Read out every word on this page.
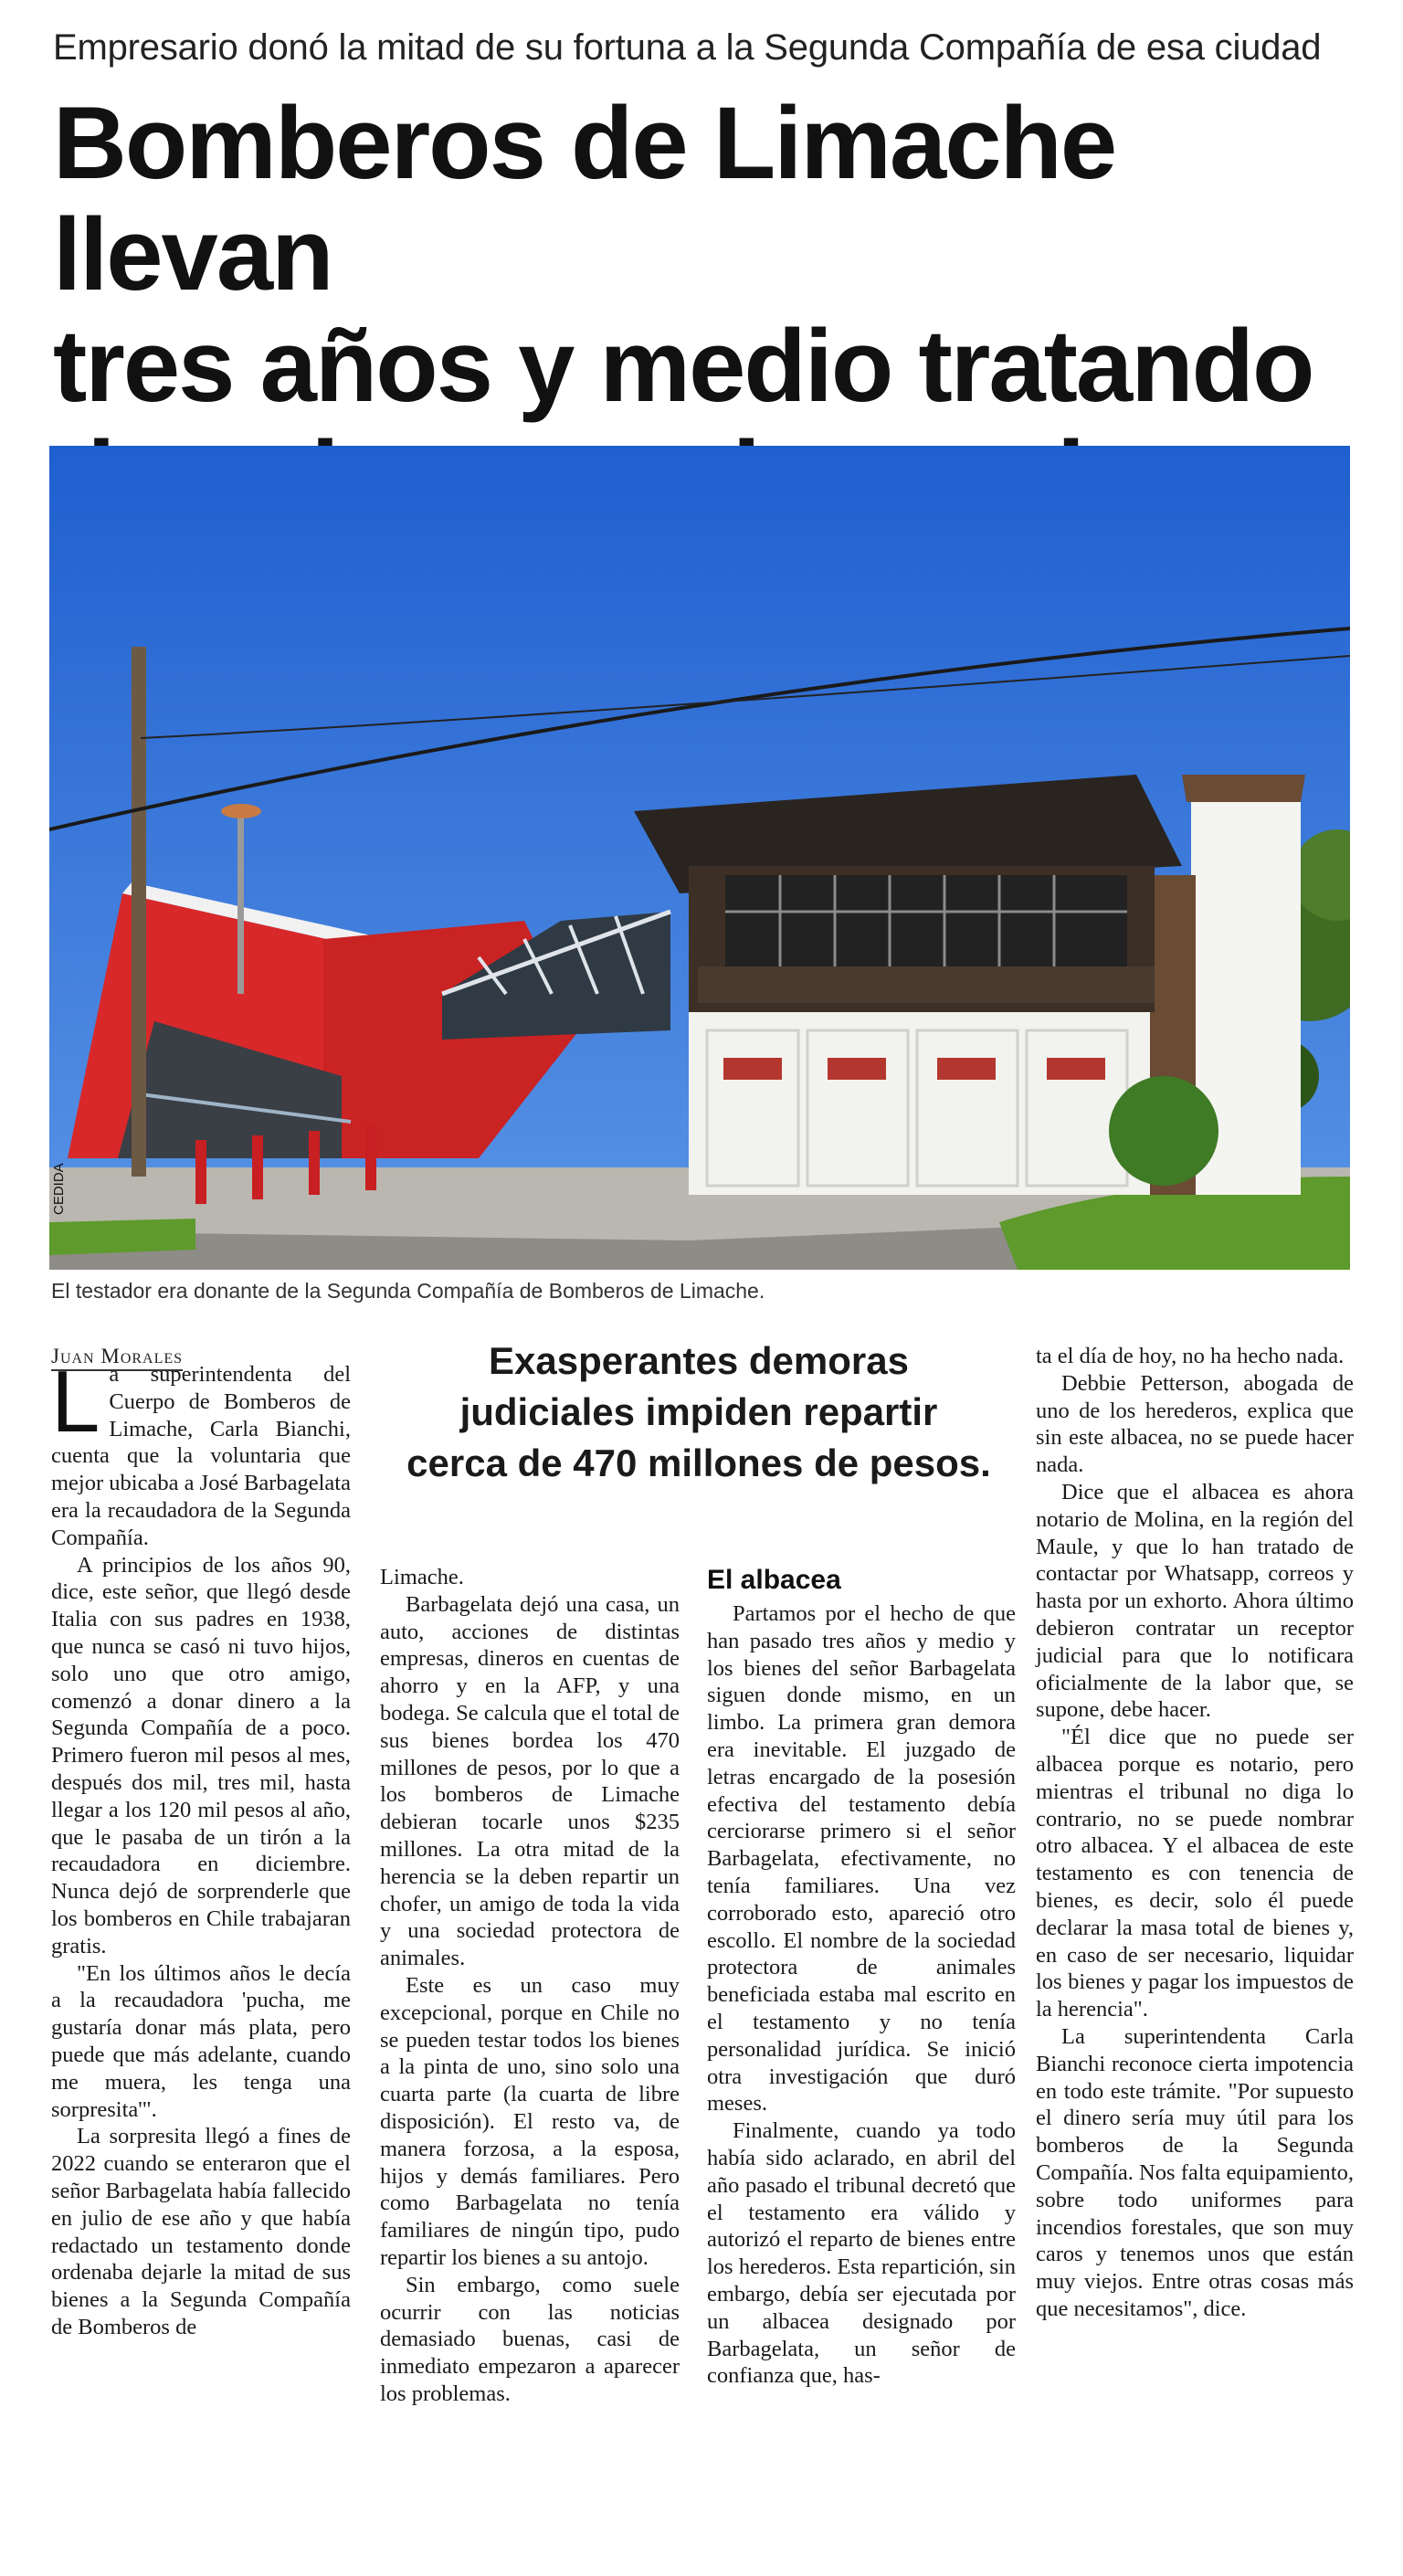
Empresario donó la mitad de su fortuna a la Segunda Compañía de esa ciudad
Bomberos de Limache llevan
tres años y medio tratando

CEDIDA
El testador era donante de la Segunda Compañía de Bomberos de Limache.
Juan Morales	Exasperantes demoras
judiciales impiden repartir
cerca de 470 millones de pesos.

La superintendenta del Cuerpo de Bomberos de Limache, Carla Bianchi, cuenta que la voluntaria que mejor ubicaba a José Barbagelata era la recaudadora de la Segunda Compañía.

A principios de los años 90, dice, este señor, que llegó desde Italia con sus padres en 1938, que nunca se casó ni tuvo hijos, solo uno que otro amigo, comenzó a donar dinero a la Segunda Compañía de a poco. Primero fueron mil pesos al mes, después dos mil, tres mil, hasta llegar a los 120 mil pesos al año, que le pasaba de un tirón a la recaudadora en diciembre. Nunca dejó de sorprenderle que los bomberos en Chile trabajaran gratis.

"En los últimos años le decía a la recaudadora 'pucha, me gustaría donar más plata, pero puede que más adelante, cuando me muera, les tenga una sorpresita'".

La sorpresita llegó a fines de 2022 cuando se enteraron que el señor Barbagelata había fallecido en julio de ese año y que había redactado un testamento donde ordenaba dejarle la mitad de sus bienes a la Segunda Compañía de Bomberos de

Limache.

Barbagelata dejó una casa, un auto, acciones de distintas empresas, dineros en cuentas de ahorro y en la AFP, y una bodega. Se calcula que el total de sus bienes bordea los 470 millones de pesos, por lo que a los bomberos de Limache debieran tocarle unos $235 millones. La otra mitad de la herencia se la deben repartir un chofer, un amigo de toda la vida y una sociedad protectora de animales.

Este es un caso muy excepcional, porque en Chile no se pueden testar todos los bienes a la pinta de uno, sino solo una cuarta parte (la cuarta de libre disposición). El resto va, de manera forzosa, a la esposa, hijos y demás familiares. Pero como Barbagelata no tenía familiares de ningún tipo, pudo repartir los bienes a su antojo.

Sin embargo, como suele ocurrir con las noticias demasiado buenas, casi de inmediato empezaron a aparecer los problemas.

El albacea

Partamos por el hecho de que han pasado tres años y medio y los bienes del señor Barbagelata siguen donde mismo, en un limbo. La primera gran demora era inevitable. El juzgado de letras encargado de la posesión efectiva del testamento debía cerciorarse primero si el señor Barbagelata, efectivamente, no tenía familiares. Una vez corroborado esto, apareció otro escollo. El nombre de la sociedad protectora de animales beneficiada estaba mal escrito en el testamento y no tenía personalidad jurídica. Se inició otra investigación que duró meses.

Finalmente, cuando ya todo había sido aclarado, en abril del año pasado el tribunal decretó que el testamento era válido y autorizó el reparto de bienes entre los herederos. Esta repartición, sin embargo, debía ser ejecutada por un albacea designado por Barbagelata, un señor de confianza que, has-

ta el día de hoy, no ha hecho nada.

Debbie Petterson, abogada de uno de los herederos, explica que sin este albacea, no se puede hacer nada.

Dice que el albacea es ahora notario de Molina, en la región del Maule, y que lo han tratado de contactar por Whatsapp, correos y hasta por un exhorto. Ahora último debieron contratar un receptor judicial para que lo notificara oficialmente de la labor que, se supone, debe hacer.

"Él dice que no puede ser albacea porque es notario, pero mientras el tribunal no diga lo contrario, no se puede nombrar otro albacea. Y el albacea de este testamento es con tenencia de bienes, es decir, solo él puede declarar la masa total de bienes y, en caso de ser necesario, liquidar los bienes y pagar los impuestos de la herencia".

La superintendenta Carla Bianchi reconoce cierta impotencia en todo este trámite. "Por supuesto el dinero sería muy útil para los bomberos de la Segunda Compañía. Nos falta equipamiento, sobre todo uniformes para incendios forestales, que son muy caros y tenemos unos que están muy viejos. Entre otras cosas más que necesitamos", dice.
